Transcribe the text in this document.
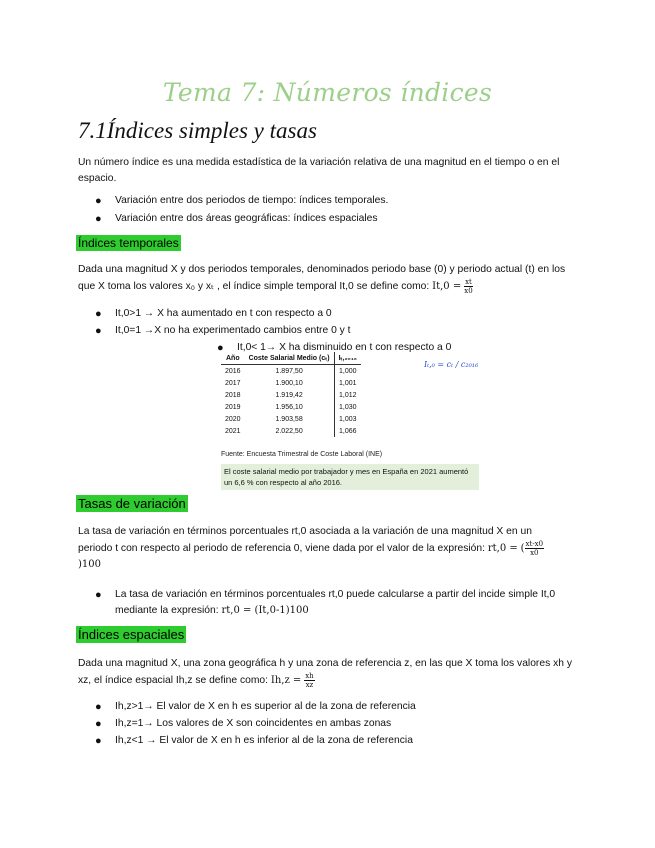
Tema 7: Números índices
7.1Índices simples y tasas
Un número índice es una medida estadística de la variación relativa de una magnitud en el tiempo o en el espacio.
● Variación entre dos periodos de tiempo: índices temporales.
● Variación entre dos áreas geográficas: índices espaciales
Índices temporales
Dada una magnitud X y dos periodos temporales, denominados periodo base (0) y periodo actual (t) en los que X toma los valores x₀ y xₜ , el índice simple temporal It,0 se define como: $It,0 = \frac{xt}{x0}$
● It,0>1 → X ha aumentado en t con respecto a 0
● It,0=1 →X no ha experimentado cambios entre 0 y t
● It,0< 1→ X ha disminuido en t con respecto a 0
Año	Coste Salarial Medio (cₜ)	Iₜ,₂₀₁₆
2016	1.897,50	1,000
2017	1.900,10	1,001
2018	1.919,42	1,012
2019	1.956,10	1,030
2020	1.903,58	1,003
2021	2.022,50	1,066
Fuente: Encuesta Trimestral de Coste Laboral (INE)
El coste salarial medio por trabajador y mes en España en 2021 aumentó un 6,6 % con respecto al año 2016.
Iₜ,₀ = cₜ / c₂₀₁₆
Tasas de variación
La tasa de variación en términos porcentuales rt,0 asociada a la variación de una magnitud X en un periodo t con respecto al periodo de referencia 0, viene dada por el valor de la expresión: rt,0 = ( $\frac{xt-x0}{x0}$
)100
● La tasa de variación en términos porcentuales rt,0 puede calcularse a partir del incide simple It,0 mediante la expresión: rt,0 = (It,0-1)100
Índices espaciales
Dada una magnitud X, una zona geográfica h y una zona de referencia z, en las que X toma los valores xh y xz, el índice espacial Ih,z se define como: $Ih,z = \frac{xh}{xz}$
● Ih,z>1→ El valor de X en h es superior al de la zona de referencia
● Ih,z=1→ Los valores de X son coincidentes en ambas zonas
● Ih,z<1 → El valor de X en h es inferior al de la zona de referencia
